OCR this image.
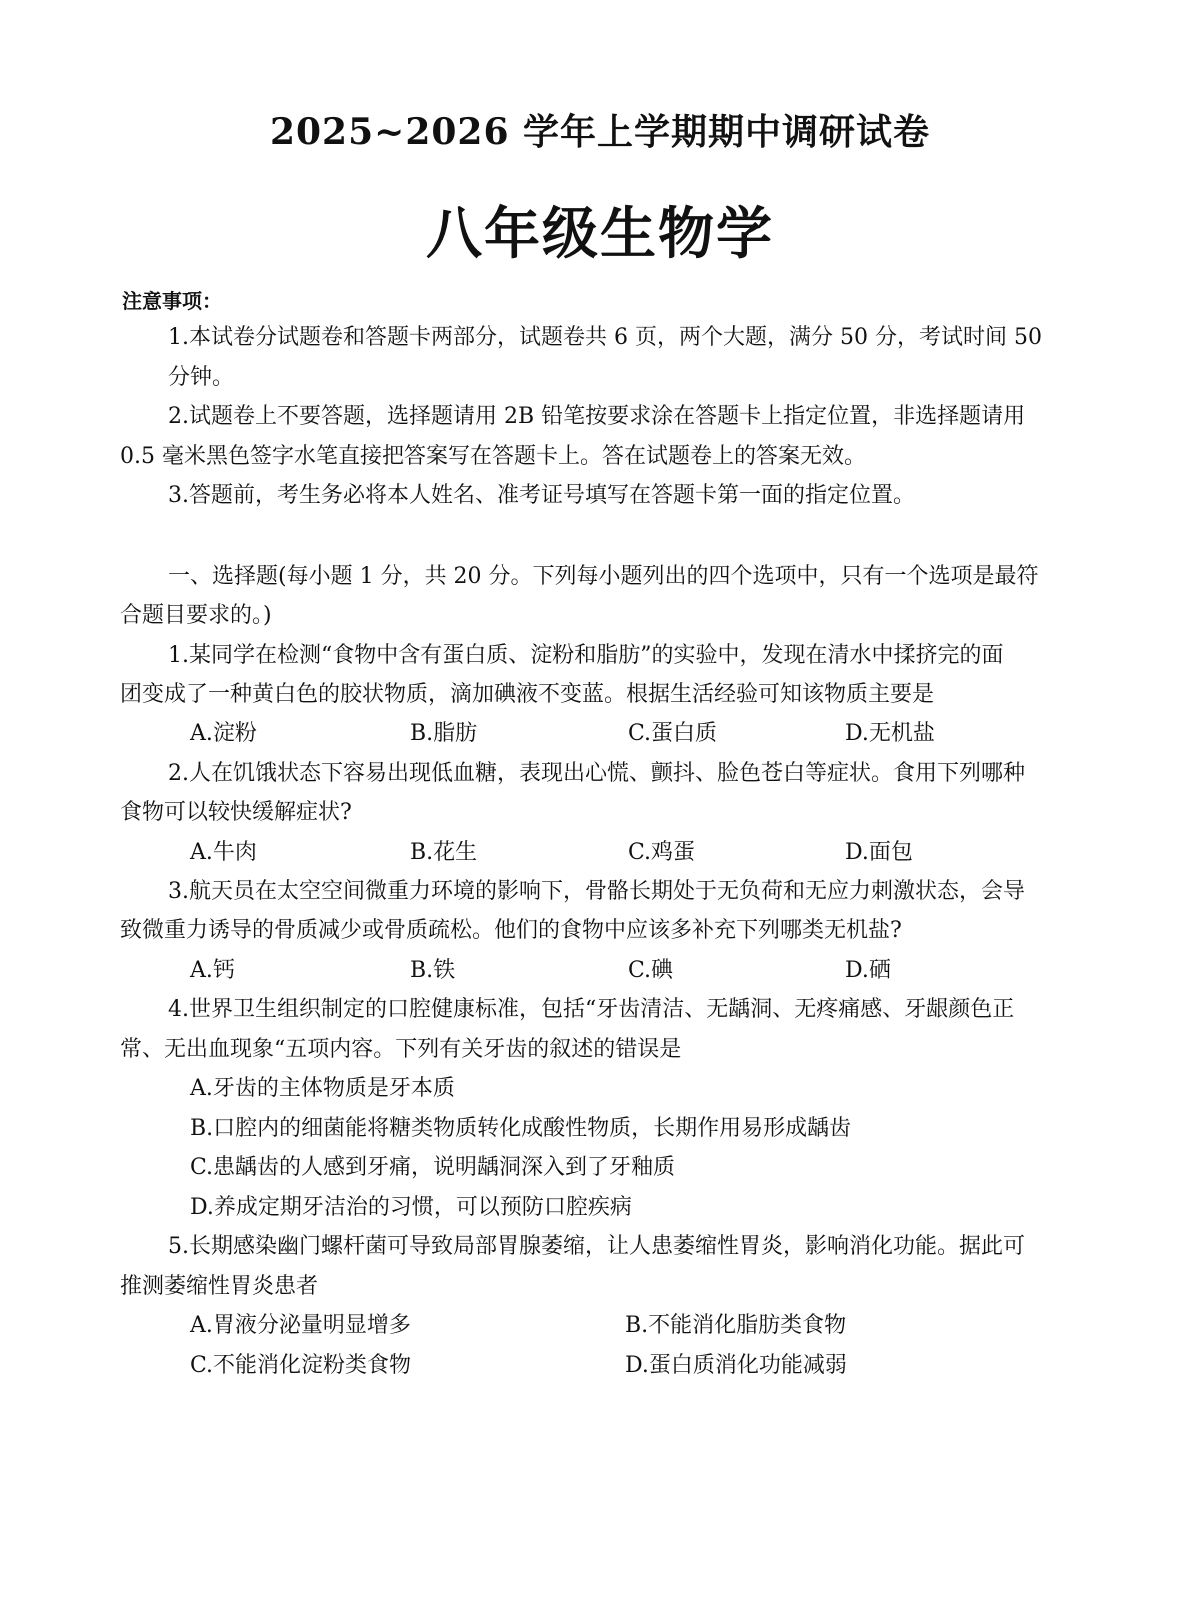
2025~2026 学年上学期期中调研试卷
八年级生物学
注意事项：
1.本试卷分试题卷和答题卡两部分，试题卷共 6 页，两个大题，满分 50 分，考试时间 50
分钟。
2.试题卷上不要答题，选择题请用 2B 铅笔按要求涂在答题卡上指定位置，非选择题请用
0.5 毫米黑色签字水笔直接把答案写在答题卡上。答在试题卷上的答案无效。
3.答题前，考生务必将本人姓名、准考证号填写在答题卡第一面的指定位置。
一、选择题(每小题 1 分，共 20 分。下列每小题列出的四个选项中，只有一个选项是最符
合题目要求的。)
1.某同学在检测“食物中含有蛋白质、淀粉和脂肪”的实验中，发现在清水中揉挤完的面
团变成了一种黄白色的胶状物质，滴加碘液不变蓝。根据生活经验可知该物质主要是
A.淀粉	B.脂肪	C.蛋白质	D.无机盐
2.人在饥饿状态下容易出现低血糖，表现出心慌、颤抖、脸色苍白等症状。食用下列哪种
食物可以较快缓解症状?
A.牛肉	B.花生	C.鸡蛋	D.面包
3.航天员在太空空间微重力环境的影响下，骨骼长期处于无负荷和无应力刺激状态，会导
致微重力诱导的骨质减少或骨质疏松。他们的食物中应该多补充下列哪类无机盐?
A.钙	B.铁	C.碘	D.硒
4.世界卫生组织制定的口腔健康标准，包括“牙齿清洁、无龋洞、无疼痛感、牙龈颜色正
常、无出血现象“五项内容。下列有关牙齿的叙述的错误是
A.牙齿的主体物质是牙本质
B.口腔内的细菌能将糖类物质转化成酸性物质，长期作用易形成龋齿
C.患龋齿的人感到牙痛，说明龋洞深入到了牙釉质
D.养成定期牙洁治的习惯，可以预防口腔疾病
5.长期感染幽门螺杆菌可导致局部胃腺萎缩，让人患萎缩性胃炎，影响消化功能。据此可
推测萎缩性胃炎患者
A.胃液分泌量明显增多	B.不能消化脂肪类食物
C.不能消化淀粉类食物	D.蛋白质消化功能减弱
